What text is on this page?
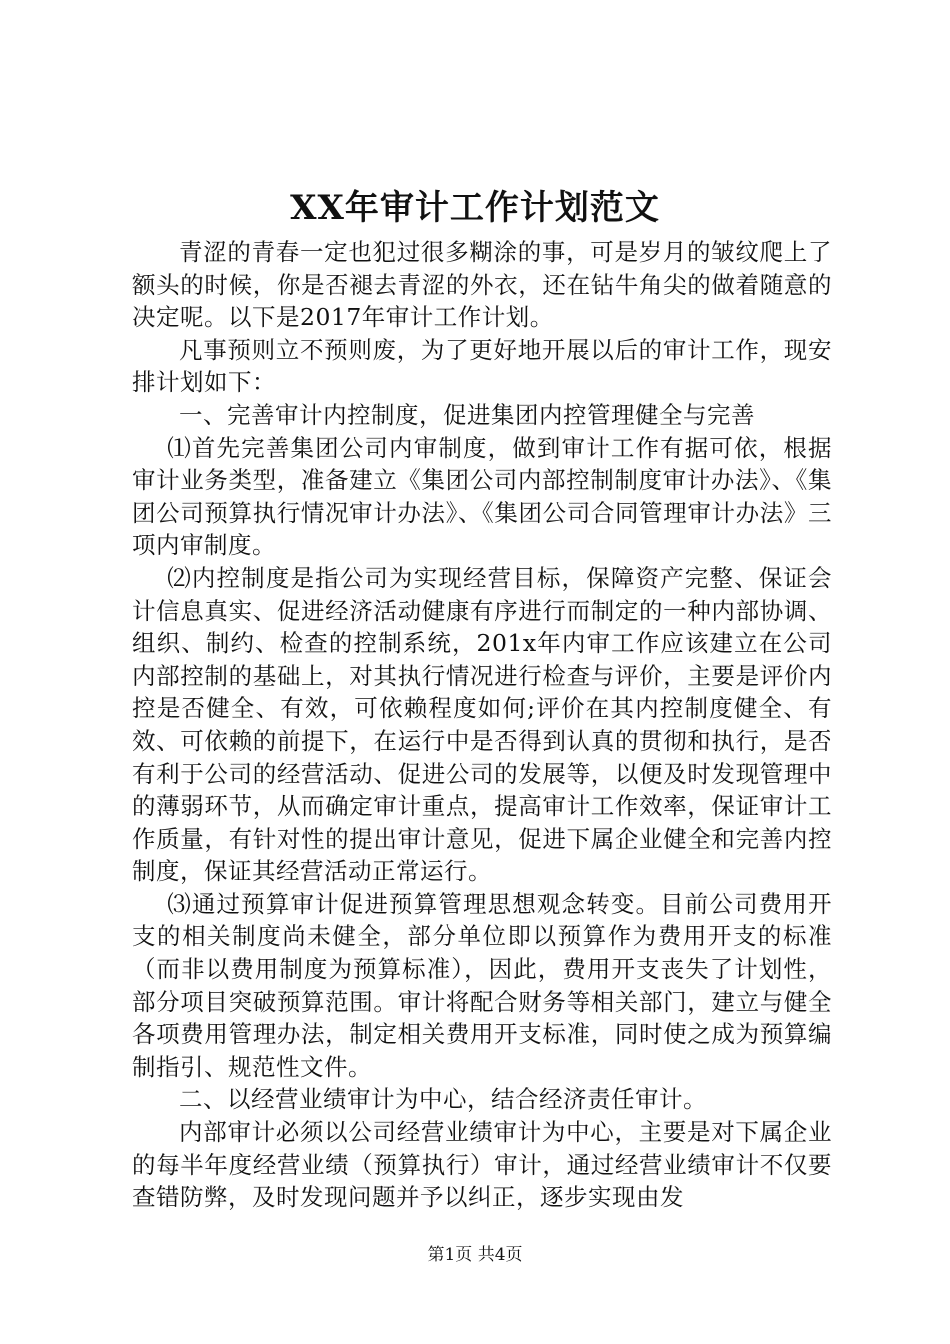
XX年审计工作计划范文

青涩的青春一定也犯过很多糊涂的事，可是岁月的皱纹爬上了额头的时候，你是否褪去青涩的外衣，还在钻牛角尖的做着随意的决定呢。以下是2017年审计工作计划。

凡事预则立不预则废，为了更好地开展以后的审计工作，现安排计划如下：

一、完善审计内控制度，促进集团内控管理健全与完善

⑴首先完善集团公司内审制度，做到审计工作有据可依，根据审计业务类型，准备建立《集团公司内部控制制度审计办法》、《集团公司预算执行情况审计办法》、《集团公司合同管理审计办法》三项内审制度。

⑵内控制度是指公司为实现经营目标，保障资产完整、保证会计信息真实、促进经济活动健康有序进行而制定的一种内部协调、组织、制约、检查的控制系统，201x年内审工作应该建立在公司内部控制的基础上，对其执行情况进行检查与评价，主要是评价内控是否健全、有效，可依赖程度如何;评价在其内控制度健全、有效、可依赖的前提下，在运行中是否得到认真的贯彻和执行，是否有利于公司的经营活动、促进公司的发展等，以便及时发现管理中的薄弱环节，从而确定审计重点，提高审计工作效率，保证审计工作质量，有针对性的提出审计意见，促进下属企业健全和完善内控制度，保证其经营活动正常运行。

⑶通过预算审计促进预算管理思想观念转变。目前公司费用开支的相关制度尚未健全，部分单位即以预算作为费用开支的标准（而非以费用制度为预算标准），因此，费用开支丧失了计划性，部分项目突破预算范围。审计将配合财务等相关部门，建立与健全各项费用管理办法，制定相关费用开支标准，同时使之成为预算编制指引、规范性文件。

二、以经营业绩审计为中心，结合经济责任审计。

内部审计必须以公司经营业绩审计为中心，主要是对下属企业的每半年度经营业绩（预算执行）审计，通过经营业绩审计不仅要查错防弊，及时发现问题并予以纠正，逐步实现由发

第1页 共4页
